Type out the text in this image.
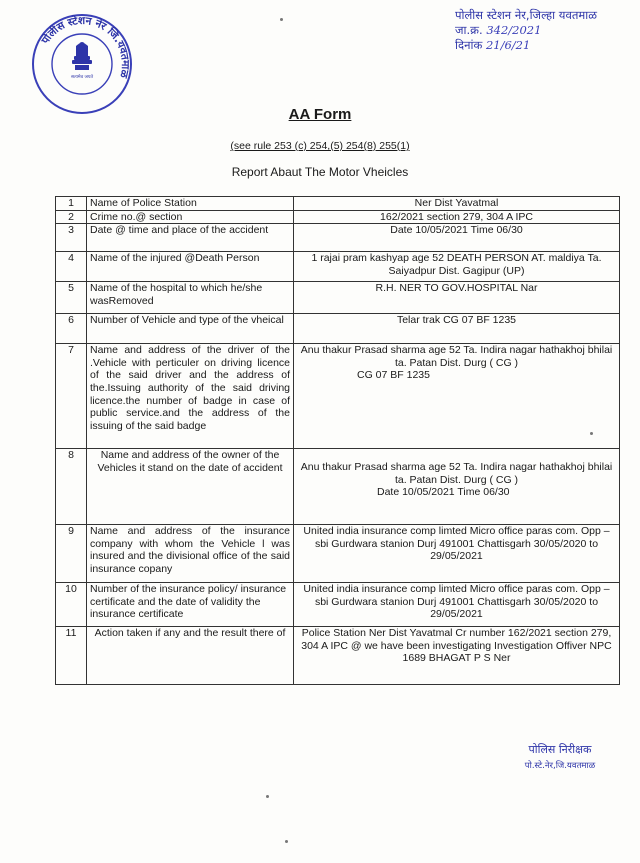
पोलीस स्टेशन नेर जि.यवतमाळ
सत्यमेव जयते
पोलीस स्टेशन नेर,जिल्हा यवतमाळ
जा.क्र. 342/2021
दिनांक 21/6/21
AA Form
(see rule 253 (c) 254,(5) 254(8) 255(1)
Report Abaut The Motor Vheicles
1	Name of Police Station	Ner Dist Yavatmal
2	Crime no.@ section	162/2021 section 279, 304 A IPC
3	Date @ time and place of the accident	Date 10/05/2021 Time 06/30
4	Name of the injured @Death Person	1 rajai pram kashyap age 52 DEATH PERSON AT. maldiya Ta. Saiyadpur Dist. Gagipur (UP)
5	Name of the hospital to which he/she wasRemoved	R.H. NER TO GOV.HOSPITAL Nar
6	Number of Vehicle and type of the vheical	Telar trak CG 07 BF 1235
7	Name and address of the driver of the .Vehicle with perticuler on driving licence of the said driver and the address of the.Issuing authority of the said driving licence.the number of badge in case of public service.and the address of the issuing of the said badge	Anu thakur Prasad sharma age 52 Ta. Indira nagar hathakhoj bhilai ta. Patan Dist. Durg ( CG )
CG 07 BF 1235

8	Name and address of the owner of the Vehicles it stand on the date of accident	Anu thakur Prasad sharma age 52 Ta. Indira nagar hathakhoj bhilai ta. Patan Dist. Durg ( CG )
Date 10/05/2021 Time 06/30

9	Name and address of the insurance company with whom the Vehicle l was insured and the divisional office of the said insurance copany	United india insurance comp limted Micro office paras com. Opp – sbi Gurdwara stanion Durj 491001 Chattisgarh 30/05/2020 to 29/05/2021
10	Number of the insurance policy/ insurance certificate and the date of validity the insurance certificate	United india insurance comp limted Micro office paras com. Opp – sbi Gurdwara stanion Durj 491001 Chattisgarh 30/05/2020 to 29/05/2021
11	Action taken if any and the result there of	Police Station Ner Dist Yavatmal Cr number 162/2021 section 279, 304 A IPC @ we have been investigating Investigation Offiver NPC 1689 BHAGAT P S Ner
पोलिस निरीक्षक
पो.स्टे.नेर,जि.यवतमाळ
